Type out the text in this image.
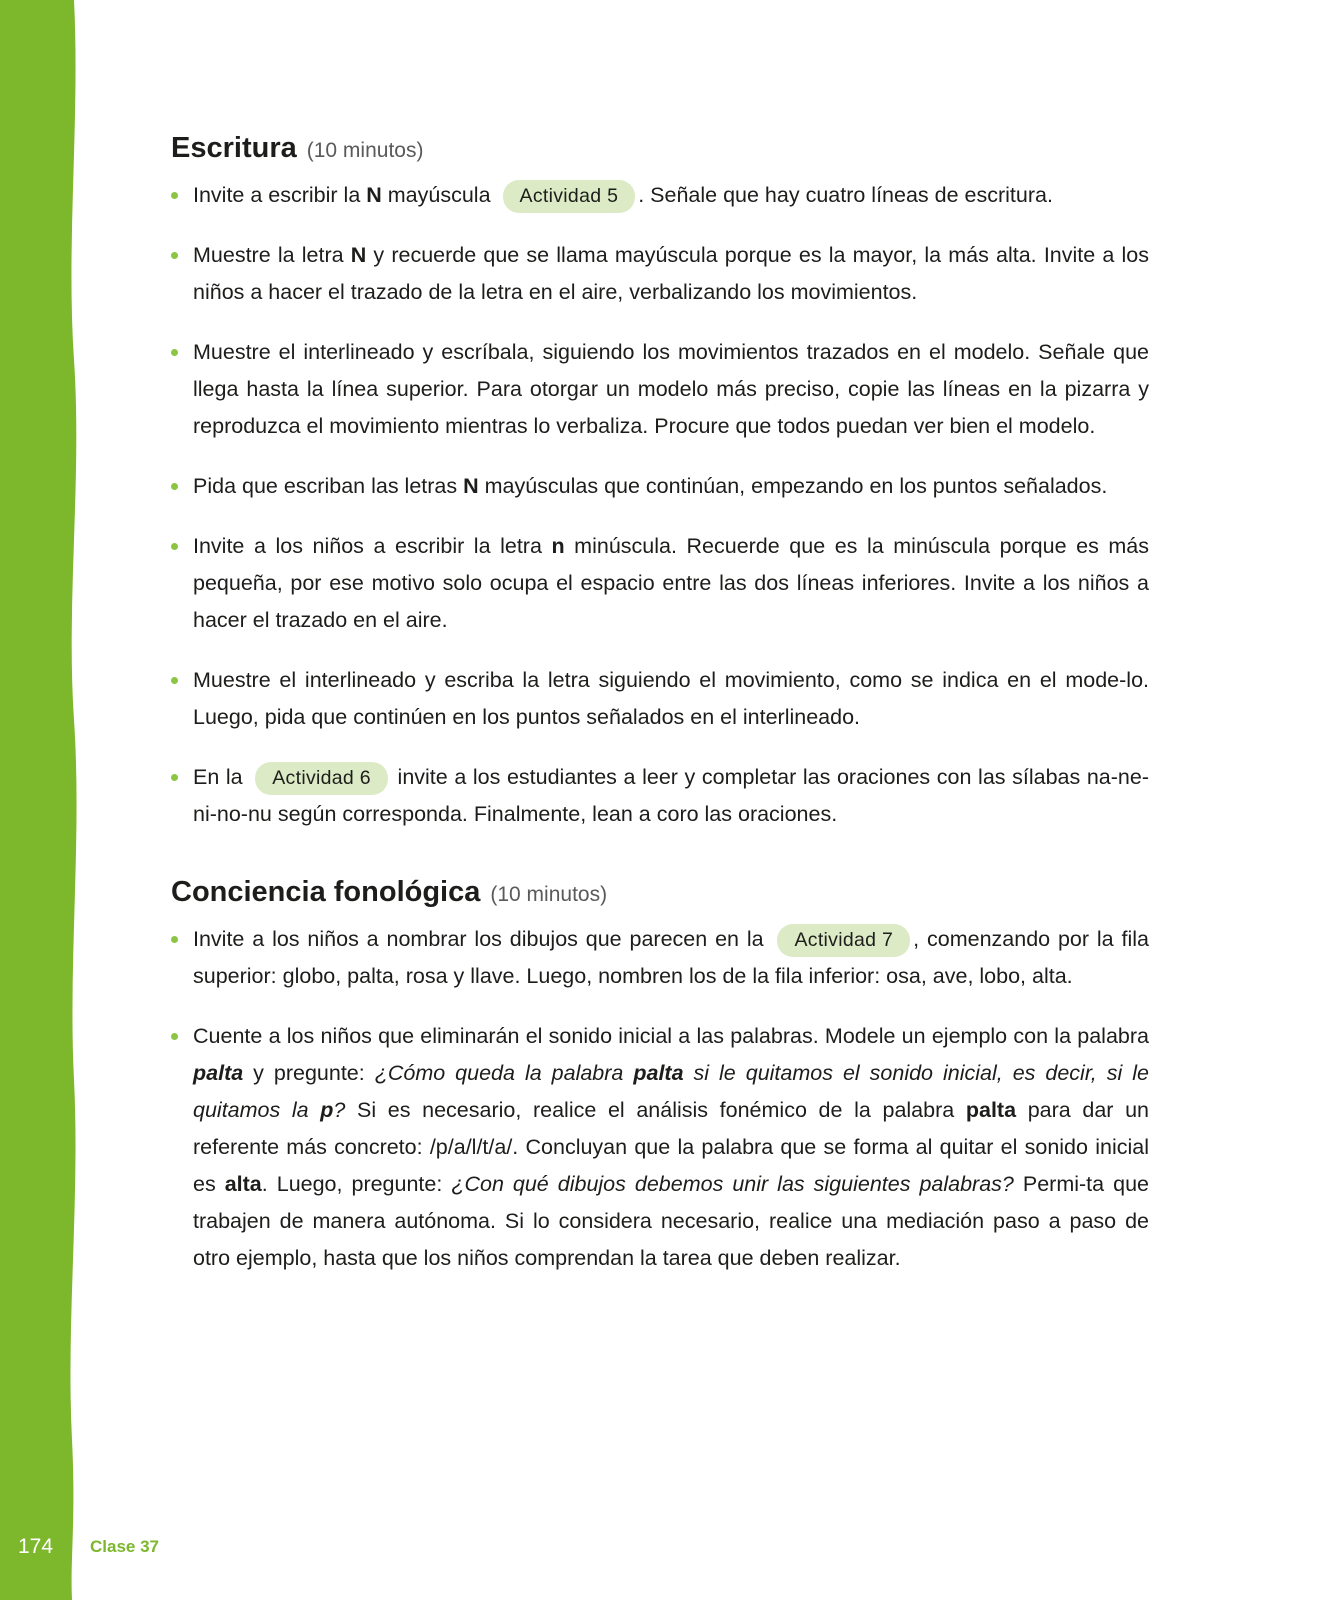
Escritura (10 minutos)
Invite a escribir la N mayúscula Actividad 5 . Señale que hay cuatro líneas de escritura.
Muestre la letra N y recuerde que se llama mayúscula porque es la mayor, la más alta. Invite a los niños a hacer el trazado de la letra en el aire, verbalizando los movimientos.
Muestre el interlineado y escríbala, siguiendo los movimientos trazados en el modelo. Señale que llega hasta la línea superior. Para otorgar un modelo más preciso, copie las líneas en la pizarra y reproduzca el movimiento mientras lo verbaliza. Procure que todos puedan ver bien el modelo.
Pida que escriban las letras N mayúsculas que continúan, empezando en los puntos señalados.
Invite a los niños a escribir la letra n minúscula. Recuerde que es la minúscula porque es más pequeña, por ese motivo solo ocupa el espacio entre las dos líneas inferiores. Invite a los niños a hacer el trazado en el aire.
Muestre el interlineado y escriba la letra siguiendo el movimiento, como se indica en el mode-lo. Luego, pida que continúen en los puntos señalados en el interlineado.
En la Actividad 6 invite a los estudiantes a leer y completar las oraciones con las sílabas na-ne-ni-no-nu según corresponda. Finalmente, lean a coro las oraciones.
Conciencia fonológica (10 minutos)
Invite a los niños a nombrar los dibujos que parecen en la Actividad 7 , comenzando por la fila superior: globo, palta, rosa y llave. Luego, nombren los de la fila inferior: osa, ave, lobo, alta.
Cuente a los niños que eliminarán el sonido inicial a las palabras. Modele un ejemplo con la palabra palta y pregunte: ¿Cómo queda la palabra palta si le quitamos el sonido inicial, es decir, si le quitamos la p? Si es necesario, realice el análisis fonémico de la palabra palta para dar un referente más concreto: /p/a/l/t/a/. Concluyan que la palabra que se forma al quitar el sonido inicial es alta. Luego, pregunte: ¿Con qué dibujos debemos unir las siguientes palabras? Permi-ta que trabajen de manera autónoma. Si lo considera necesario, realice una mediación paso a paso de otro ejemplo, hasta que los niños comprendan la tarea que deben realizar.
174 Clase 37
